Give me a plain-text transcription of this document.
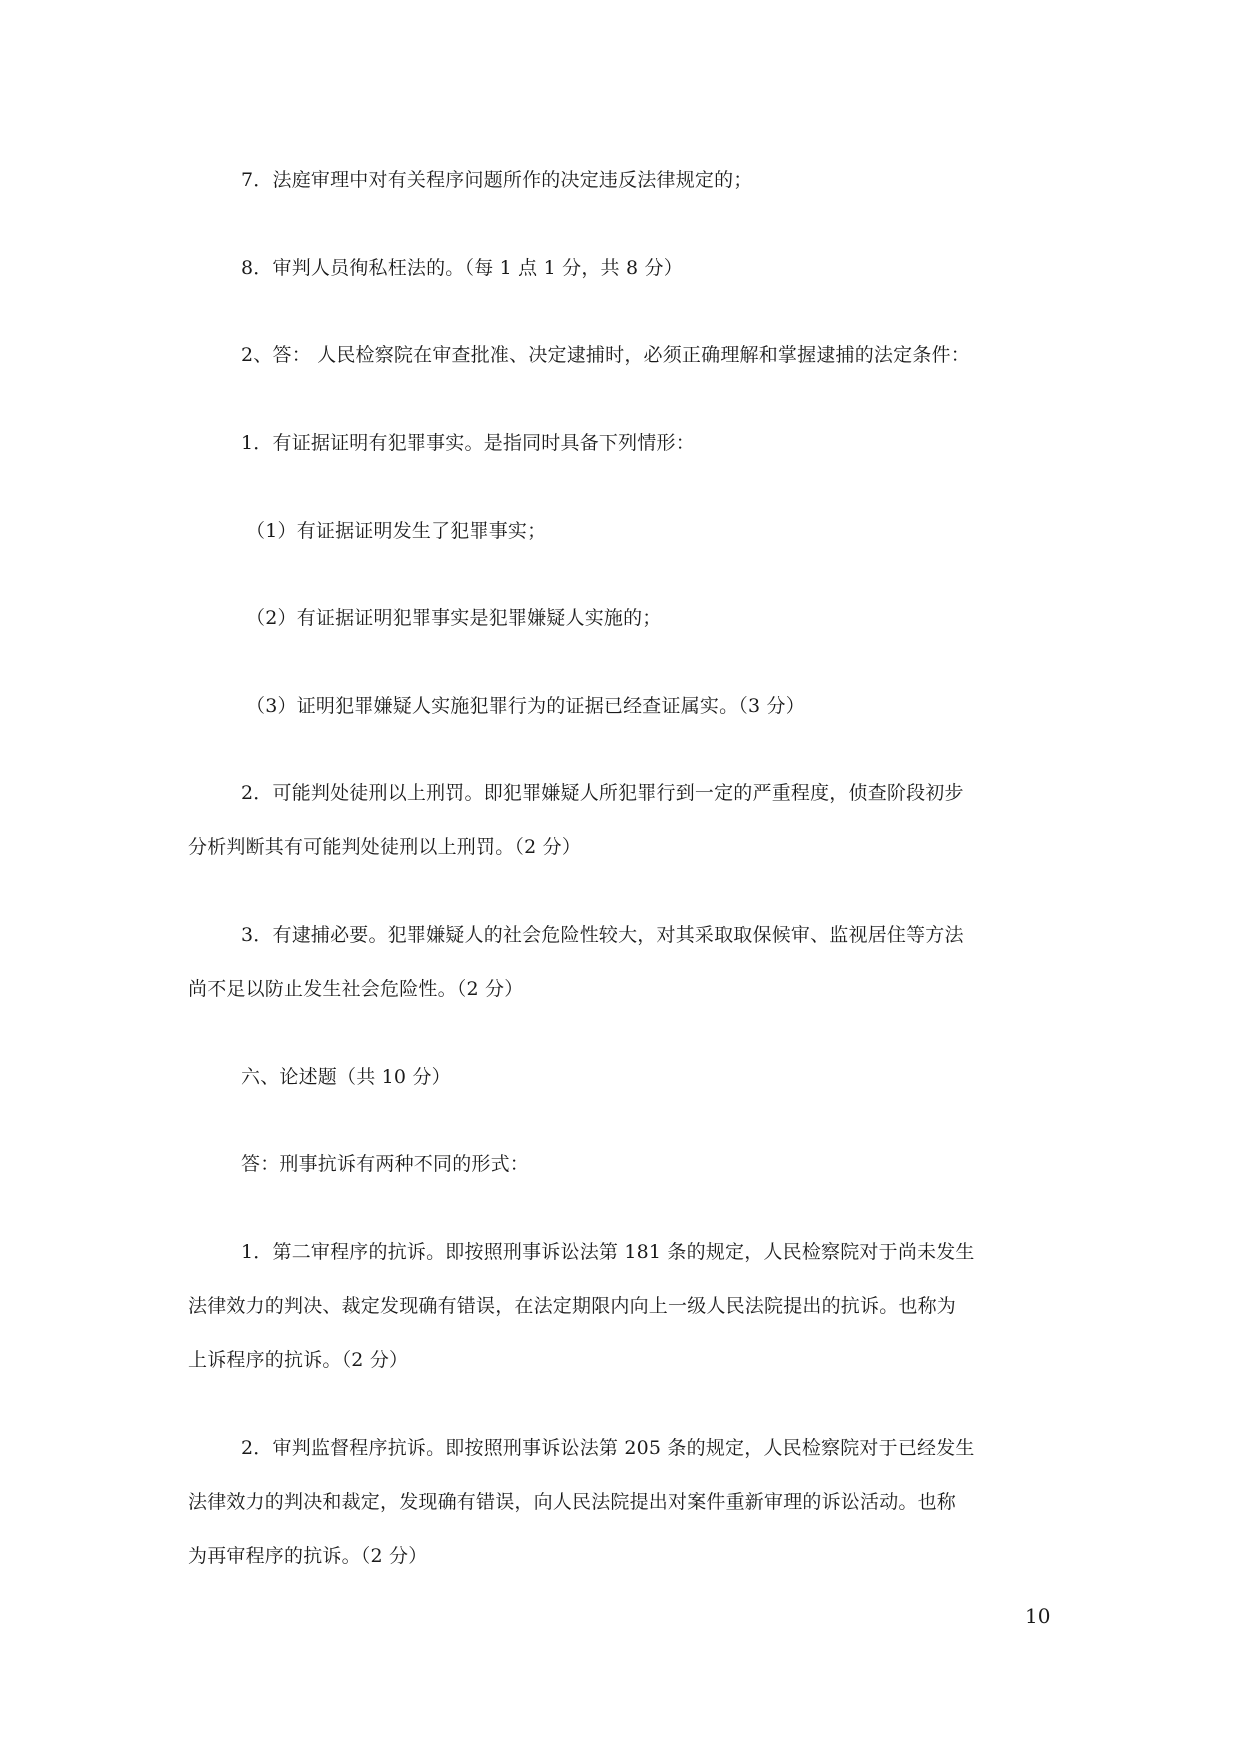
7．法庭审理中对有关程序问题所作的决定违反法律规定的；
8．审判人员徇私枉法的。（每 1 点 1 分，共 8 分）
2、答： 人民检察院在审查批准、决定逮捕时，必须正确理解和掌握逮捕的法定条件：
1．有证据证明有犯罪事实。是指同时具备下列情形：
（1）有证据证明发生了犯罪事实；
（2）有证据证明犯罪事实是犯罪嫌疑人实施的；
（3）证明犯罪嫌疑人实施犯罪行为的证据已经查证属实。（3 分）
2．可能判处徒刑以上刑罚。即犯罪嫌疑人所犯罪行到一定的严重程度，侦查阶段初步
分析判断其有可能判处徒刑以上刑罚。（2 分）
3．有逮捕必要。犯罪嫌疑人的社会危险性较大，对其采取取保候审、监视居住等方法
尚不足以防止发生社会危险性。（2 分）
六、论述题（共 10 分）
答：刑事抗诉有两种不同的形式：
1．第二审程序的抗诉。即按照刑事诉讼法第 181 条的规定，人民检察院对于尚未发生
法律效力的判决、裁定发现确有错误，在法定期限内向上一级人民法院提出的抗诉。也称为
上诉程序的抗诉。（2 分）
2．审判监督程序抗诉。即按照刑事诉讼法第 205 条的规定，人民检察院对于已经发生
法律效力的判决和裁定，发现确有错误，向人民法院提出对案件重新审理的诉讼活动。也称
为再审程序的抗诉。（2 分）
10
